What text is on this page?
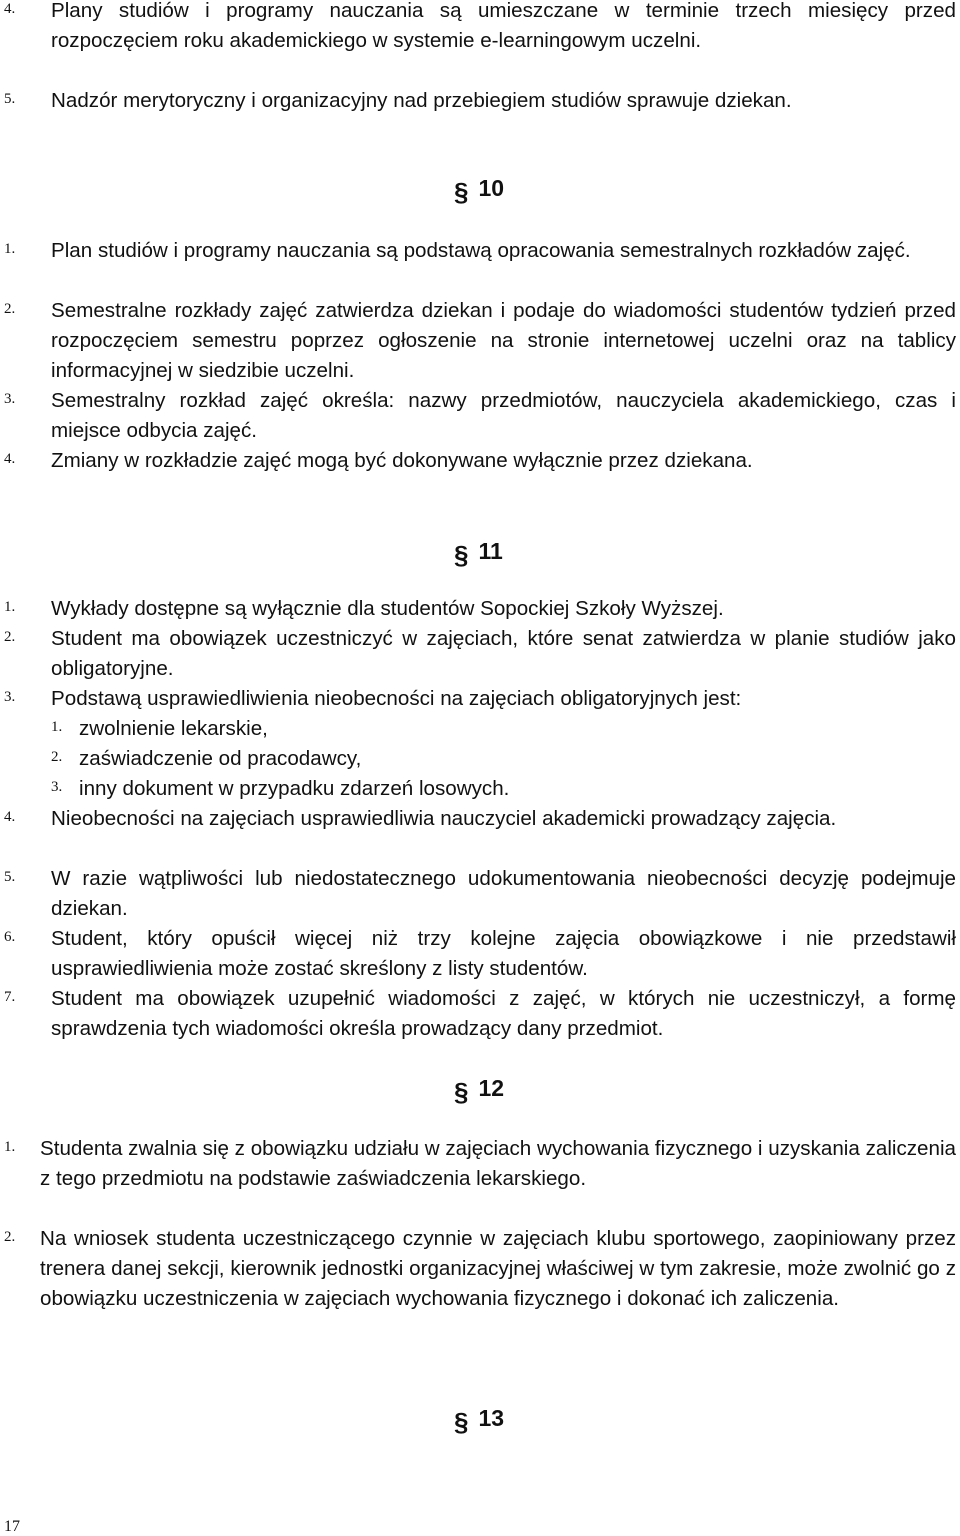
4. Plany studiów i programy nauczania są umieszczane w terminie trzech miesięcy przed rozpoczęciem roku akademickiego w systemie e-learningowym uczelni.
5. Nadzór merytoryczny i organizacyjny nad przebiegiem studiów sprawuje dziekan.
§ 10
1. Plan studiów i programy nauczania są podstawą opracowania semestralnych rozkładów zajęć.
2. Semestralne rozkłady zajęć zatwierdza dziekan i podaje do wiadomości studentów tydzień przed rozpoczęciem semestru poprzez ogłoszenie na stronie internetowej uczelni oraz na tablicy informacyjnej w siedzibie uczelni.
3. Semestralny rozkład zajęć określa: nazwy przedmiotów, nauczyciela akademickiego, czas i miejsce odbycia zajęć.
4. Zmiany w rozkładzie zajęć mogą być dokonywane wyłącznie przez dziekana.
§ 11
1. Wykłady dostępne są wyłącznie dla studentów Sopockiej Szkoły Wyższej.
2. Student ma obowiązek uczestniczyć w zajęciach, które senat zatwierdza w planie studiów jako obligatoryjne.
3. Podstawą usprawiedliwienia nieobecności na zajęciach obligatoryjnych jest:
1. zwolnienie lekarskie,
2. zaświadczenie od pracodawcy,
3. inny dokument w przypadku zdarzeń losowych.
4. Nieobecności na zajęciach usprawiedliwia nauczyciel akademicki prowadzący zajęcia.
5. W razie wątpliwości lub niedostatecznego udokumentowania nieobecności decyzję podejmuje dziekan.
6. Student, który opuścił więcej niż trzy kolejne zajęcia obowiązkowe i nie przedstawił usprawiedliwienia może zostać skreślony z listy studentów.
7. Student ma obowiązek uzupełnić wiadomości z zajęć, w których nie uczestniczył, a formę sprawdzenia tych wiadomości określa prowadzący dany przedmiot.
§ 12
1. Studenta zwalnia się z obowiązku udziału w zajęciach wychowania fizycznego i uzyskania zaliczenia z tego przedmiotu na podstawie zaświadczenia lekarskiego.
2. Na wniosek studenta uczestniczącego czynnie w zajęciach klubu sportowego, zaopiniowany przez trenera danej sekcji, kierownik jednostki organizacyjnej właściwej w tym zakresie, może zwolnić go z obowiązku uczestniczenia w zajęciach wychowania fizycznego i dokonać ich zaliczenia.
§ 13
17
